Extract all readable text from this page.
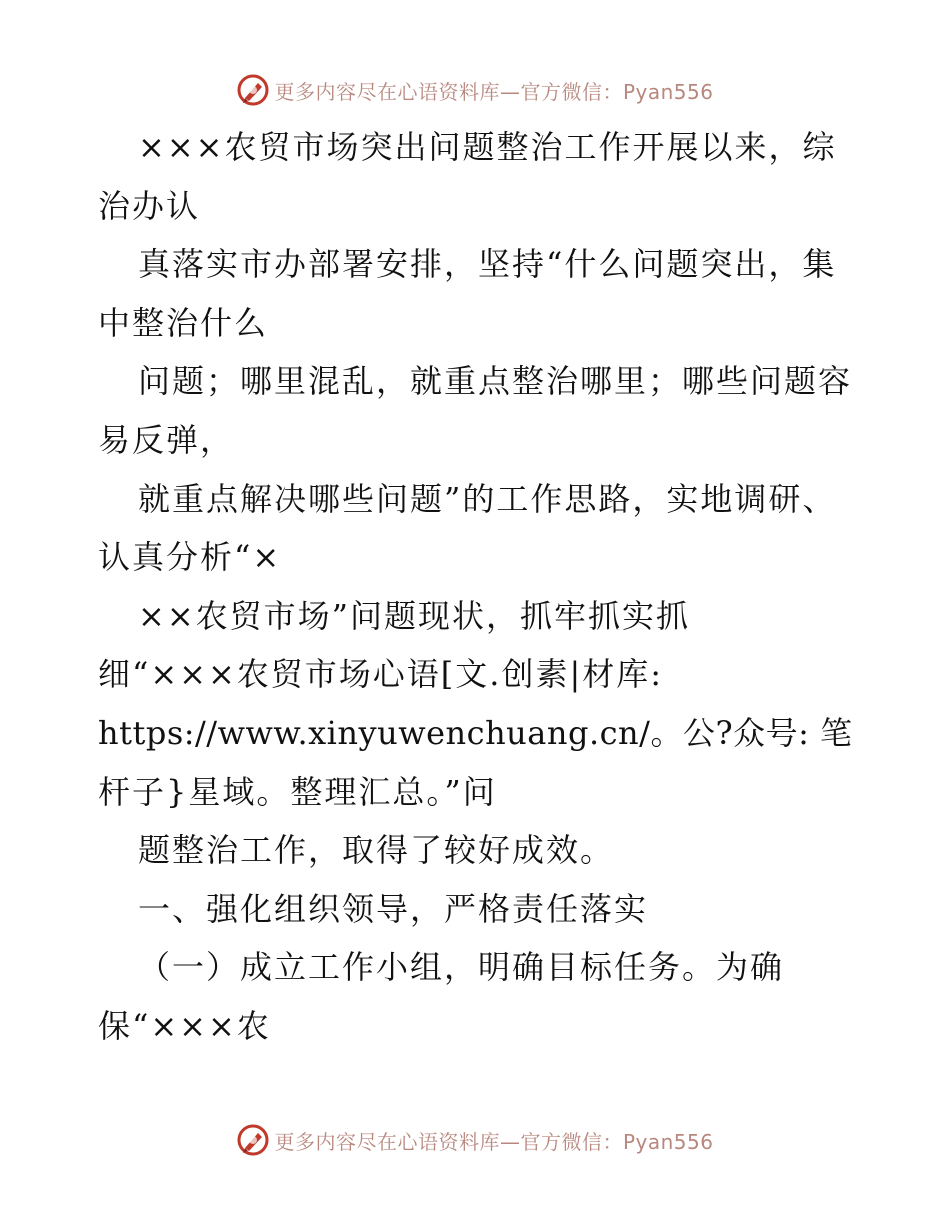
更多内容尽在心语资料库—官方微信：Pyan556
×××农贸市场突出问题整治工作开展以来，综
治办认
真落实市办部署安排，坚持“什么问题突出，集
中整治什么
问题；哪里混乱，就重点整治哪里；哪些问题容
易反弹，
就重点解决哪些问题”的工作思路，实地调研、
认真分析“×
××农贸市场”问题现状，抓牢抓实抓
细“×××农贸市场心语[文.创素|材库:
https://www.xinyuwenchuang.cn/。公?众号: 笔
杆子}星域。整理汇总。”问
题整治工作，取得了较好成效。
一、强化组织领导，严格责任落实
（一）成立工作小组，明确目标任务。为确
保“×××农
更多内容尽在心语资料库—官方微信：Pyan556
